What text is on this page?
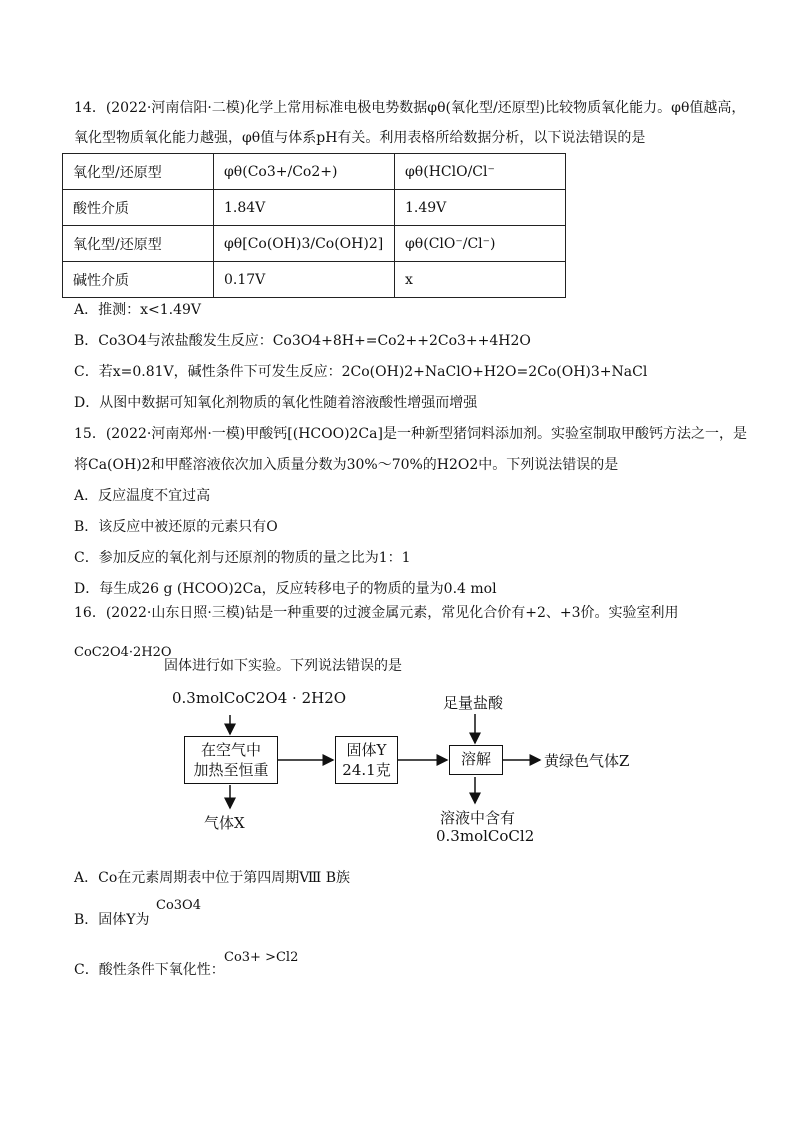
14．(2022·河南信阳·二模)化学上常用标准电极电势数据φθ(氧化型/还原型)比较物质氧化能力。φθ值越高，
氧化型物质氧化能力越强，φθ值与体系pH有关。利用表格所给数据分析，以下说法错误的是
氧化型/还原型	φθ(Co3+/Co2+)	φθ(HClO/Cl⁻
酸性介质	1.84V	1.49V
氧化型/还原型	φθ[Co(OH)3/Co(OH)2]	φθ(ClO⁻/Cl⁻)
碱性介质	0.17V	x
A．推测：x<1.49V
B．Co3O4与浓盐酸发生反应：Co3O4+8H+=Co2++2Co3++4H2O
C．若x=0.81V，碱性条件下可发生反应：2Co(OH)2+NaClO+H2O=2Co(OH)3+NaCl
D．从图中数据可知氧化剂物质的氧化性随着溶液酸性增强而增强
15．(2022·河南郑州·一模)甲酸钙[(HCOO)2Ca]是一种新型猪饲料添加剂。实验室制取甲酸钙方法之一，是
将Ca(OH)2和甲醛溶液依次加入质量分数为30%～70%的H2O2中。下列说法错误的是
A．反应温度不宜过高
B．该反应中被还原的元素只有O
C．参加反应的氧化剂与还原剂的物质的量之比为1：1
D．每生成26 g (HCOO)2Ca，反应转移电子的物质的量为0.4 mol
16．(2022·山东日照·三模)钴是一种重要的过渡金属元素，常见化合价有+2、+3价。实验室利用
CoC2O4·2H2O
固体进行如下实验。下列说法错误的是
0.3molCoC2O4 · 2H2O
在空气中
加热至恒重
气体X
固体Y
24.1克
足量盐酸
溶解	黄绿色气体Z
溶液中含有
0.3molCoCl2
A．Co在元素周期表中位于第四周期Ⅷ B族
B．固体Y为
Co3O4
C．酸性条件下氧化性：
Co3+ >Cl2
